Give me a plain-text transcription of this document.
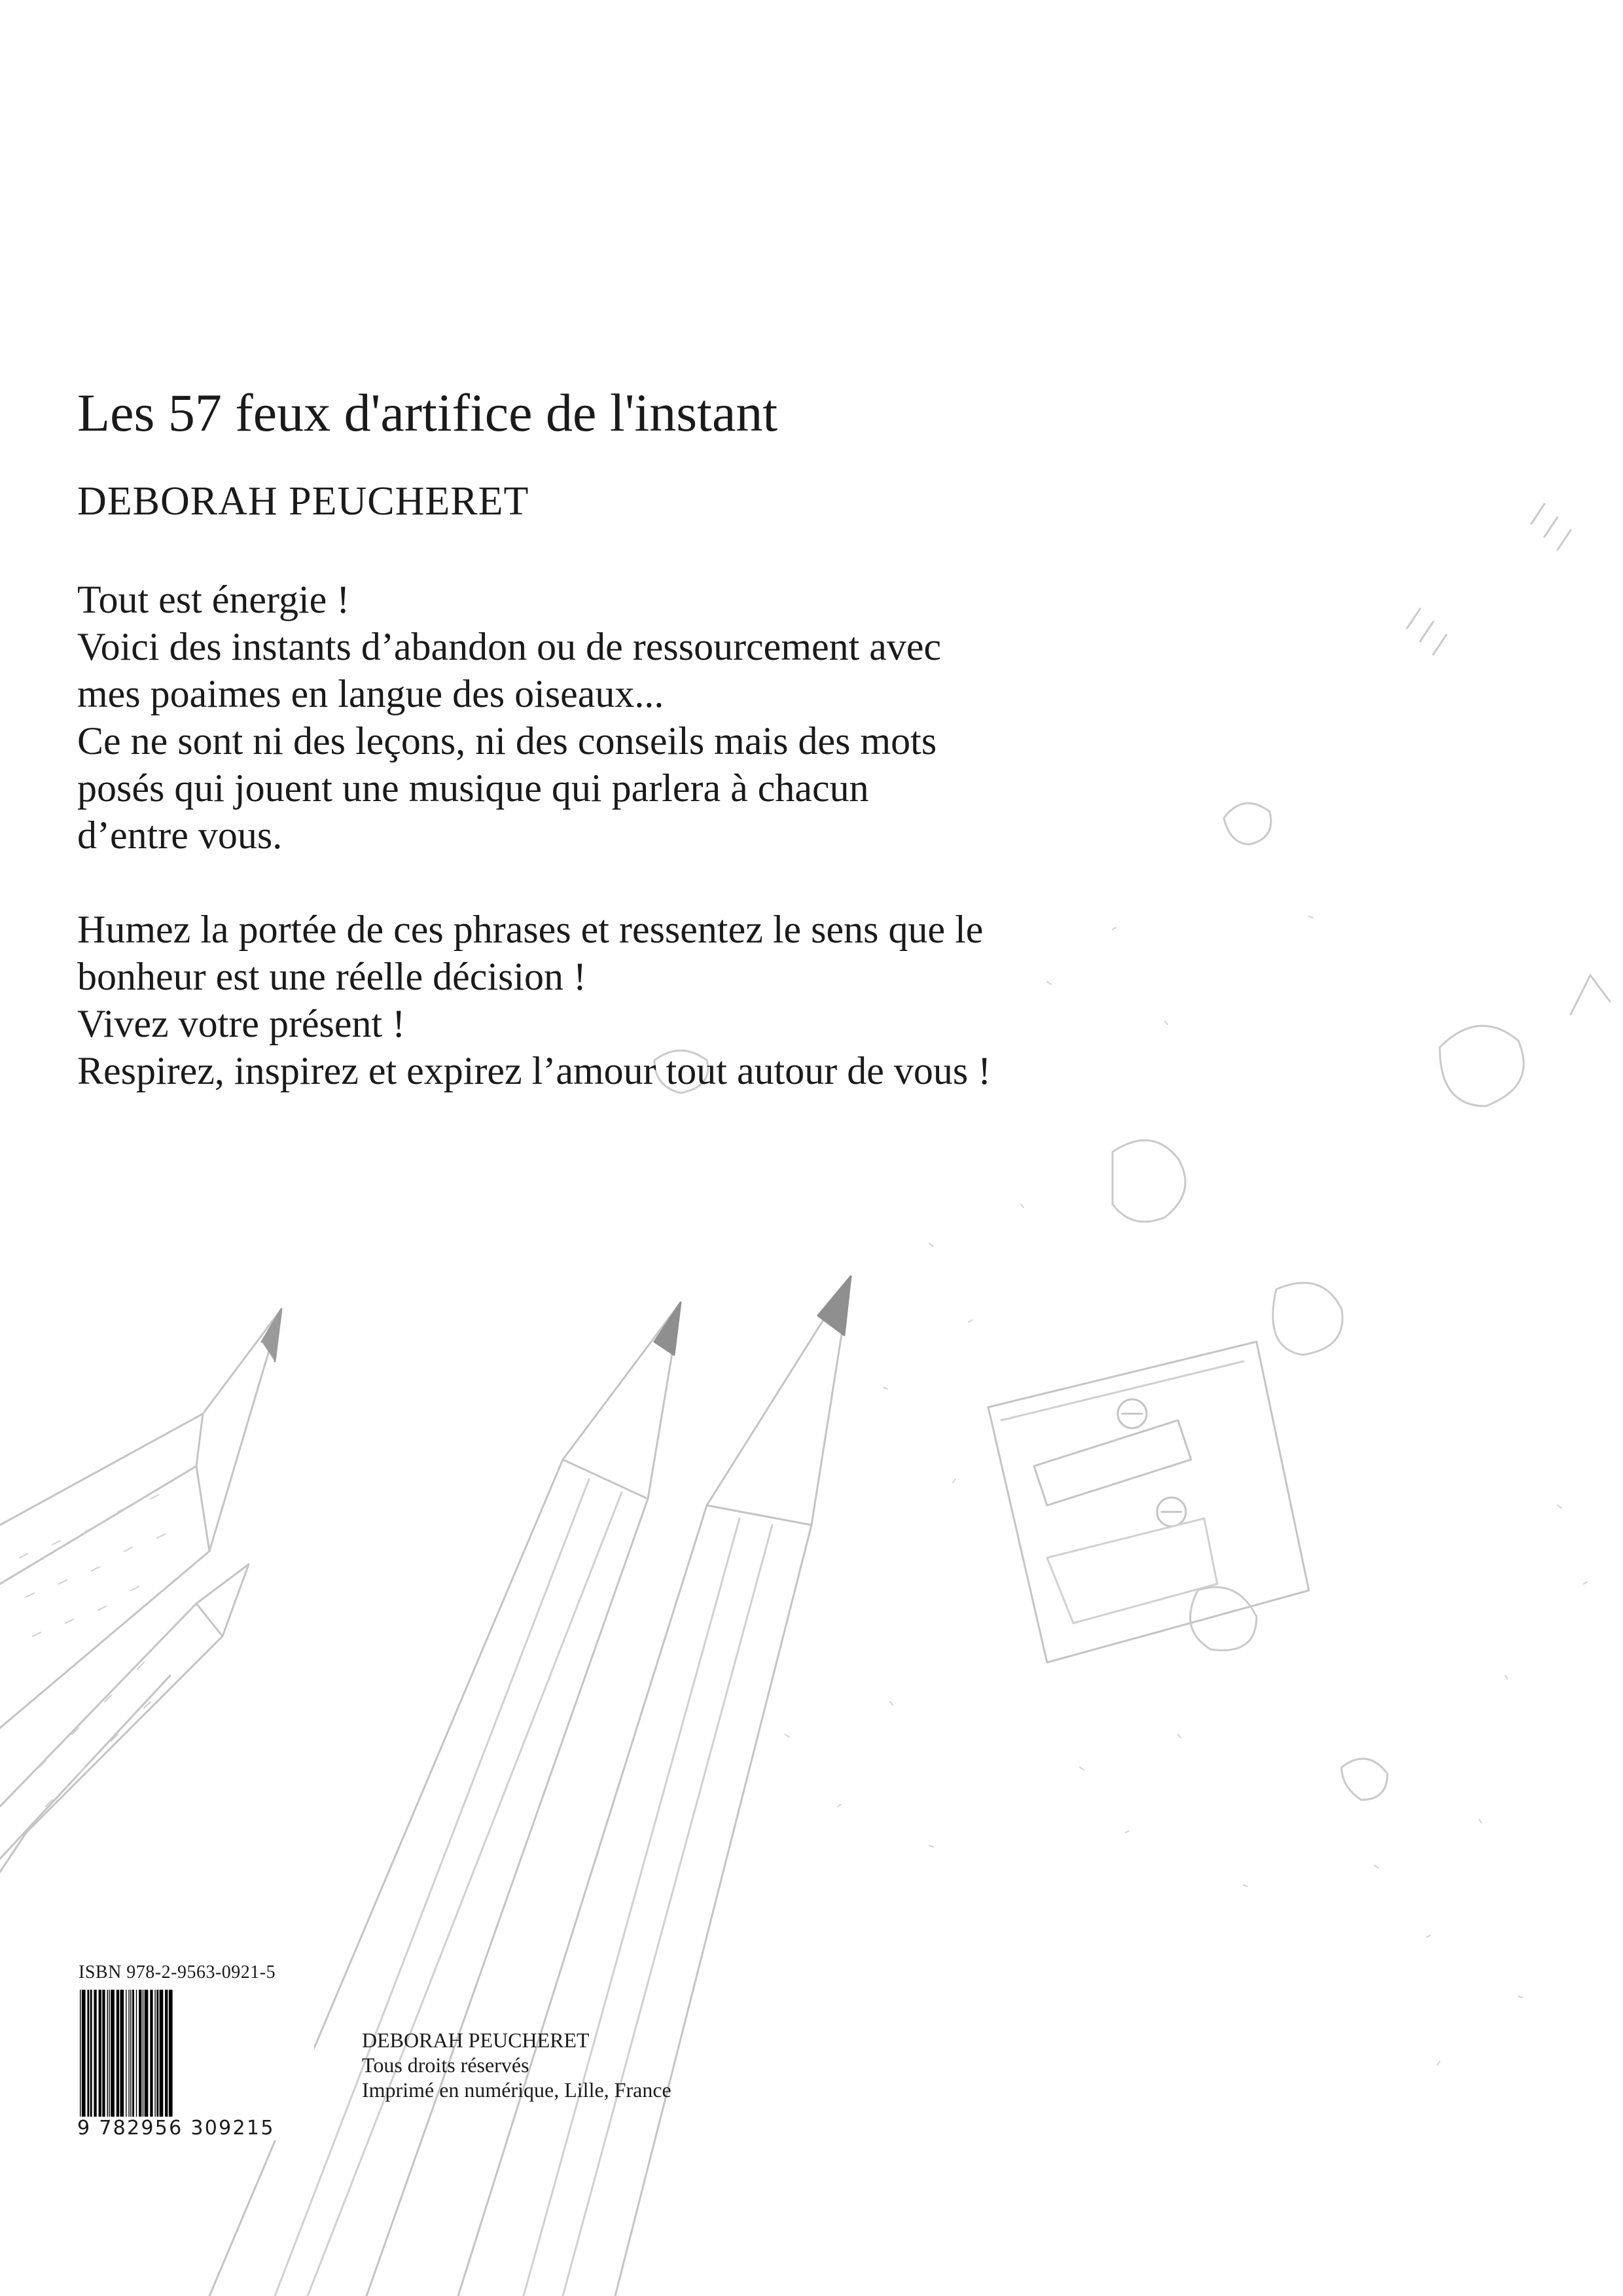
Les 57 feux d'artifice de l'instant
DEBORAH PEUCHERET
Tout est énergie !
Voici des instants d’abandon ou de ressourcement avec
mes poaimes en langue des oiseaux...
Ce ne sont ni des leçons, ni des conseils mais des mots
posés qui jouent une musique qui parlera à chacun
d’entre vous.
Humez la portée de ces phrases et ressentez le sens que le
bonheur est une réelle décision !
Vivez votre présent !
Respirez, inspirez et expirez l’amour tout autour de vous !
ISBN 978-2-9563-0921-5
9 782956 309215
DEBORAH PEUCHERET
Tous droits réservés
Imprimé en numérique, Lille, France
